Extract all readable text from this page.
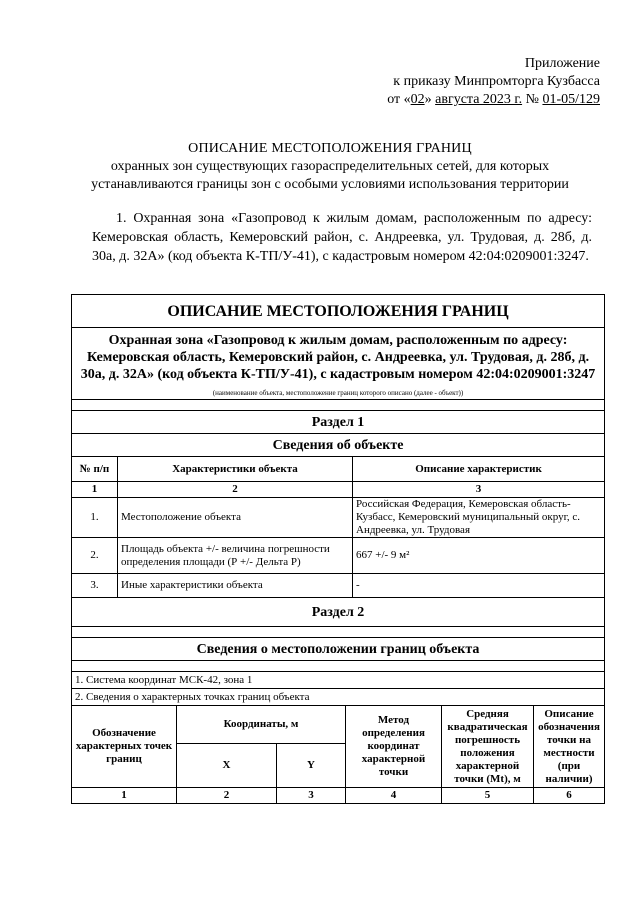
Приложение
к приказу Минпромторга Кузбасса
от «02» августа 2023 г. № 01-05/129
ОПИСАНИЕ МЕСТОПОЛОЖЕНИЯ ГРАНИЦ
охранных зон существующих газораспределительных сетей, для которых
устанавливаются границы зон с особыми условиями использования территории
1. Охранная зона «Газопровод к жилым домам, расположенным по адресу: Кемеровская область, Кемеровский район, с. Андреевка, ул. Трудовая, д. 28б, д. 30а, д. 32А» (код объекта К-ТП/У-41), с кадастровым номером 42:04:0209001:3247.
ОПИСАНИЕ МЕСТОПОЛОЖЕНИЯ ГРАНИЦ							
Охранная зона «Газопровод к жилым домам, расположенным по адресу: Кемеровская область, Кемеровский район, с. Андреевка, ул. Трудовая, д. 28б, д. 30а, д. 32А» (код объекта К-ТП/У-41), с кадастровым номером 42:04:0209001:3247							
(наименование объекта, местоположение границ которого описано (далее - объект))							

Раздел 1							
Сведения об объекте							
№ п/п	Характеристики объекта				Описание характеристик		
1	2				3		
1.	Местоположение объекта				Российская Федерация, Кемеровская область-Кузбасс, Кемеровский муниципальный округ, с. Андреевка, ул. Трудовая		
2.	Площадь объекта +/- величина погрешности определения площади (Р +/- Дельта Р)				667 +/- 9 м²		
3.	Иные характеристики объекта				-		
Раздел 2							

Сведения о местоположении границ объекта							

1. Система координат МСК-42, зона 1							
2. Сведения о характерных точках границ объекта							
Обозначение характерных точек границ		Координаты, м		Метод определения координат характерной точки		Средняя квадратическая погрешность положения характерной точки (Mt), м	Описание обозначения точки на местности (при наличии)
		X	Y				
1		2	3	4		5	6
